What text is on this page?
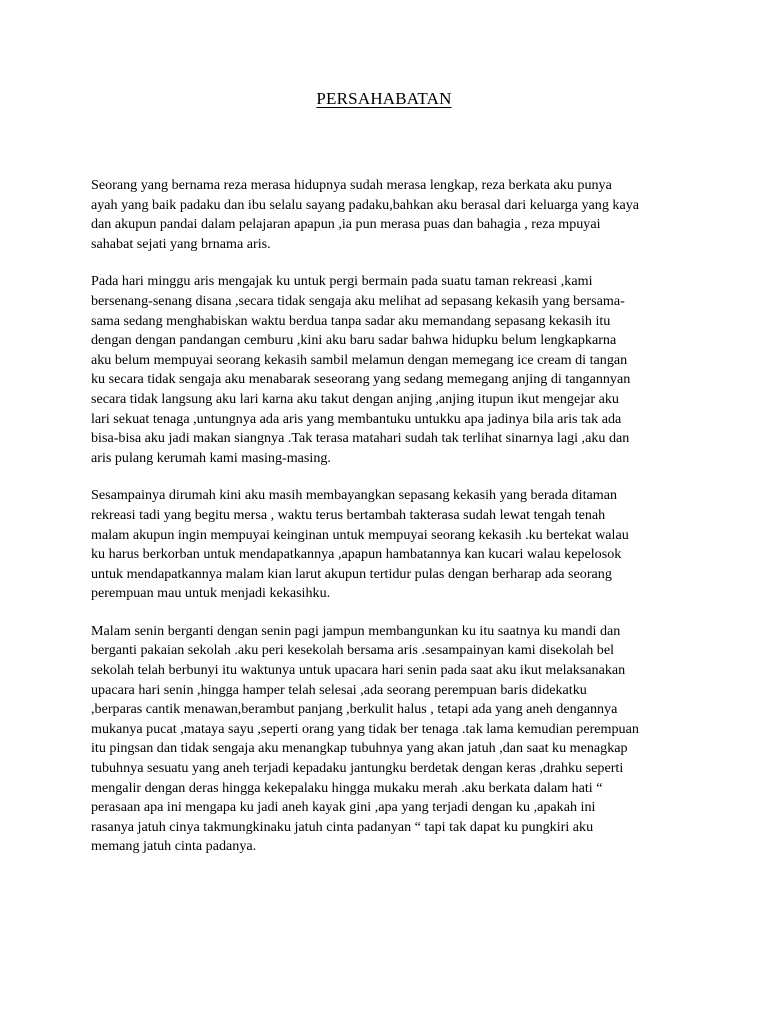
PERSAHABATAN

Seorang yang bernama reza merasa hidupnya sudah merasa lengkap, reza berkata aku punya
ayah yang baik padaku dan ibu selalu sayang padaku,bahkan aku berasal dari keluarga yang kaya
dan akupun pandai dalam pelajaran apapun ,ia pun merasa puas dan bahagia , reza mpuyai
sahabat sejati yang brnama aris.

Pada hari minggu aris mengajak ku untuk pergi bermain pada suatu taman rekreasi ,kami
bersenang-senang disana ,secara tidak sengaja aku melihat ad sepasang kekasih yang bersama-
sama sedang menghabiskan waktu berdua tanpa sadar aku memandang sepasang kekasih itu
dengan dengan pandangan cemburu ,kini aku baru sadar bahwa hidupku belum lengkapkarna
aku belum mempuyai seorang kekasih sambil melamun dengan memegang ice cream di tangan
ku secara tidak sengaja aku menabarak seseorang yang sedang memegang anjing di tangannyan
secara tidak langsung aku lari karna aku takut dengan anjing ,anjing itupun ikut mengejar aku
lari sekuat tenaga ,untungnya ada aris yang membantuku untukku apa jadinya bila aris tak ada
bisa-bisa aku jadi makan siangnya .Tak terasa matahari sudah tak terlihat sinarnya lagi ,aku dan
aris pulang kerumah kami masing-masing.

Sesampainya dirumah kini aku masih membayangkan sepasang kekasih yang berada ditaman
rekreasi tadi yang begitu mersa , waktu terus bertambah takterasa sudah lewat tengah tenah
malam akupun ingin mempuyai keinginan untuk mempuyai seorang kekasih .ku bertekat walau
ku harus berkorban untuk mendapatkannya ,apapun hambatannya kan kucari walau kepelosok
untuk mendapatkannya malam kian larut akupun tertidur pulas dengan berharap ada seorang
perempuan mau untuk menjadi kekasihku.

Malam senin berganti dengan senin pagi jampun membangunkan ku itu saatnya ku mandi dan
berganti pakaian sekolah .aku peri kesekolah bersama aris .sesampainyan kami disekolah bel
sekolah telah berbunyi itu waktunya untuk upacara hari senin pada saat aku ikut melaksanakan
upacara hari senin ,hingga hamper telah selesai ,ada seorang perempuan baris didekatku
,berparas cantik menawan,berambut panjang ,berkulit halus , tetapi ada yang aneh dengannya
mukanya pucat ,mataya sayu ,seperti orang yang tidak ber tenaga .tak lama kemudian perempuan
itu pingsan dan tidak sengaja aku menangkap tubuhnya yang akan jatuh ,dan saat ku menagkap
tubuhnya sesuatu yang aneh terjadi kepadaku jantungku berdetak dengan keras ,drahku seperti
mengalir dengan deras hingga kekepalaku hingga mukaku merah .aku berkata dalam hati “
perasaan apa ini mengapa ku jadi aneh kayak gini ,apa yang terjadi dengan ku ,apakah ini
rasanya jatuh cinya takmungkinaku jatuh cinta padanyan “ tapi tak dapat ku pungkiri aku
memang jatuh cinta padanya.
